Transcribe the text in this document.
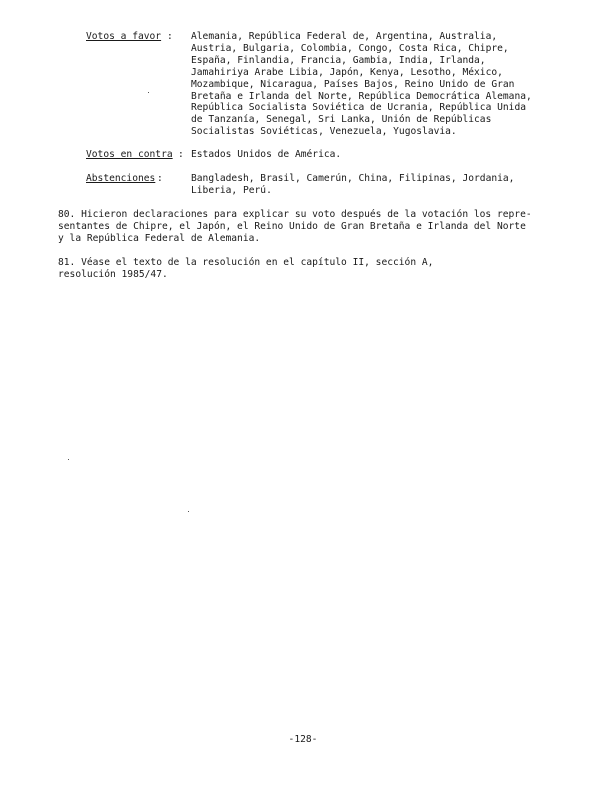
Votos a favor : Alemania, República Federal de, Argentina, Australia,
Austria, Bulgaria, Colombia, Congo, Costa Rica, Chipre,
España, Finlandia, Francia, Gambia, India, Irlanda,
Jamahiriya Arabe Libia, Japón, Kenya, Lesotho, México,
Mozambique, Nicaragua, Países Bajos, Reino Unido de Gran
Bretaña e Irlanda del Norte, República Democrática Alemana,
República Socialista Soviética de Ucrania, República Unida
de Tanzanía, Senegal, Sri Lanka, Unión de Repúblicas
Socialistas Soviéticas, Venezuela, Yugoslavia.
Votos en contra : Estados Unidos de América.
Abstenciones :	Bangladesh, Brasil, Camerún, China, Filipinas, Jordania,
Liberia, Perú.
80. Hicieron declaraciones para explicar su voto después de la votación los repre-
sentantes de Chipre, el Japón, el Reino Unido de Gran Bretaña e Irlanda del Norte
y la República Federal de Alemania.
81. Véase el texto de la resolución en el capítulo II, sección A,
resolución 1985/47.
-128-
